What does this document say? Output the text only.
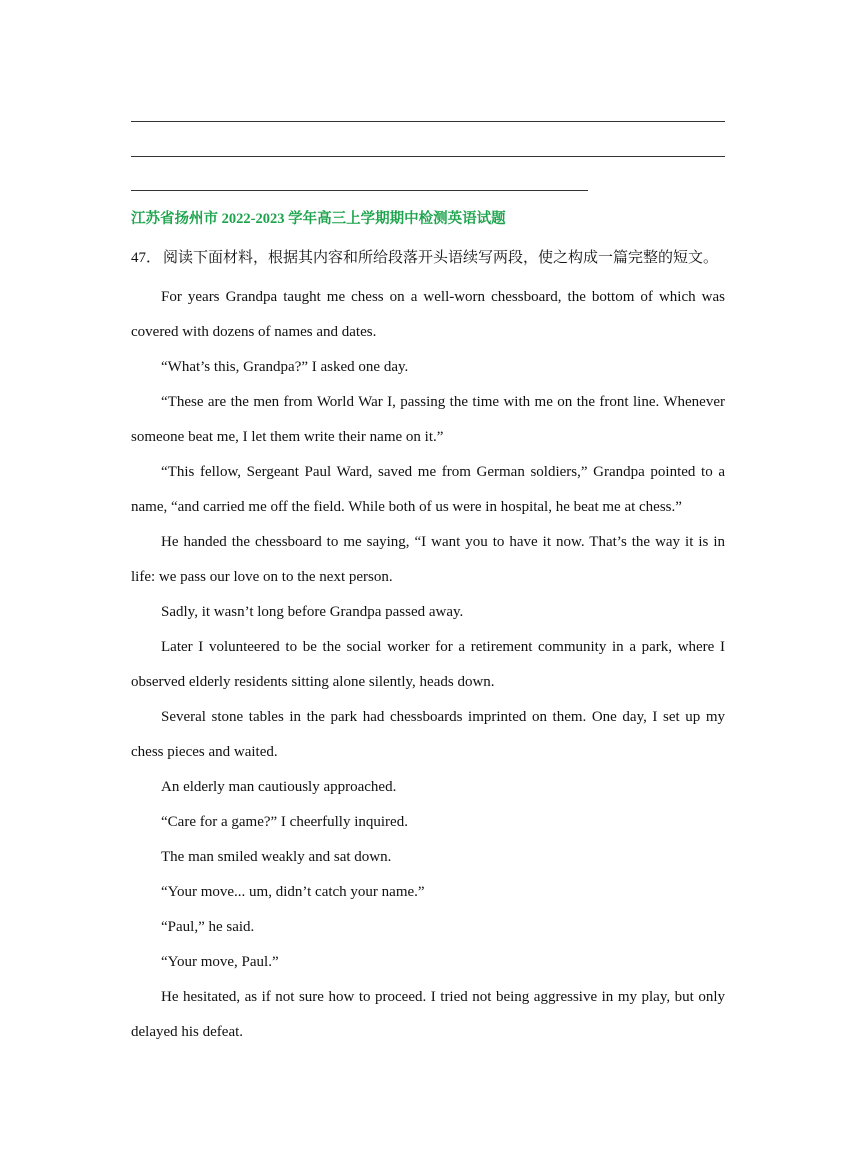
江苏省扬州市 2022-2023 学年高三上学期期中检测英语试题
47． 阅读下面材料，根据其内容和所给段落开头语续写两段，使之构成一篇完整的短文。

For years Grandpa taught me chess on a well-worn chessboard, the bottom of which was covered with dozens of names and dates.

“What’s this, Grandpa?” I asked one day.

“These are the men from World War I, passing the time with me on the front line. Whenever someone beat me, I let them write their name on it.”

“This fellow, Sergeant Paul Ward, saved me from German soldiers,” Grandpa pointed to a name, “and carried me off the field. While both of us were in hospital, he beat me at chess.”

He handed the chessboard to me saying, “I want you to have it now. That’s the way it is in life: we pass our love on to the next person.

Sadly, it wasn’t long before Grandpa passed away.

Later I volunteered to be the social worker for a retirement community in a park, where I observed elderly residents sitting alone silently, heads down.

Several stone tables in the park had chessboards imprinted on them. One day, I set up my chess pieces and waited.

An elderly man cautiously approached.

“Care for a game?” I cheerfully inquired.

The man smiled weakly and sat down.

“Your move... um, didn’t catch your name.”

“Paul,” he said.

“Your move, Paul.”

He hesitated, as if not sure how to proceed. I tried not being aggressive in my play, but only delayed his defeat.
